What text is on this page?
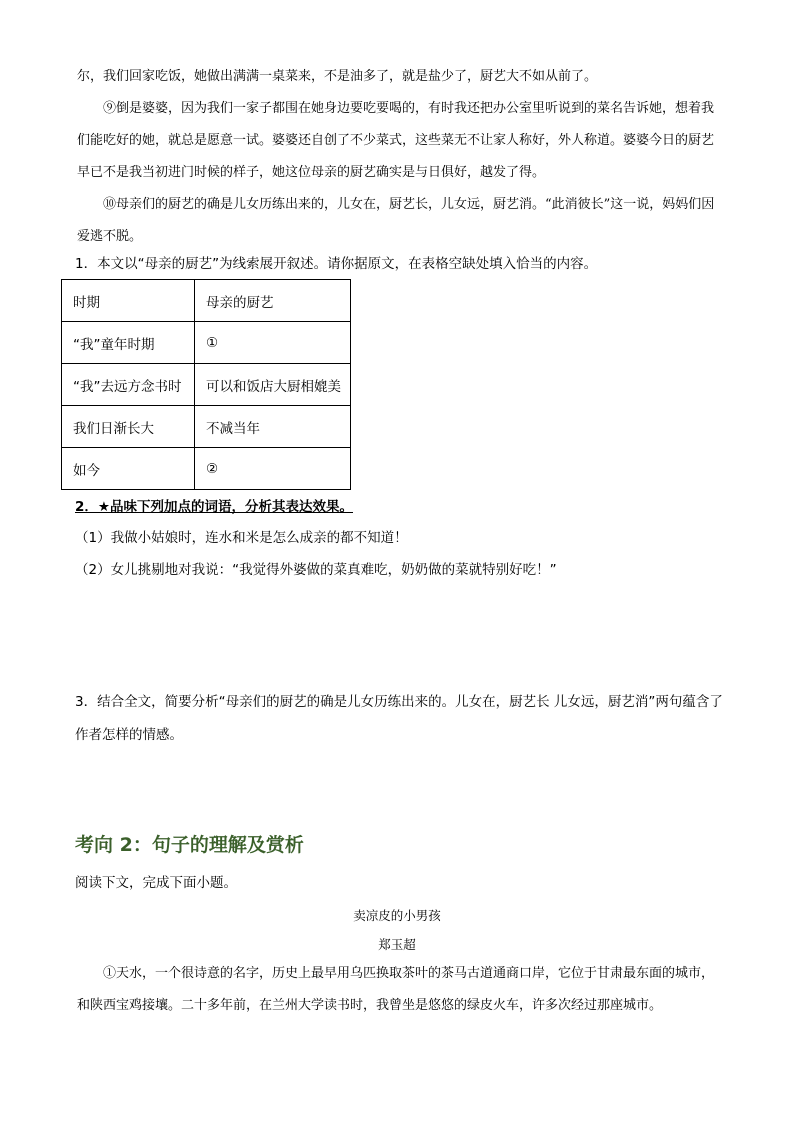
尔，我们回家吃饭，她做出满满一桌菜来，不是油多了，就是盐少了，厨艺大不如从前了。

⑨倒是婆婆，因为我们一家子都围在她身边要吃要喝的，有时我还把办公室里听说到的菜名告诉她，想着我们能吃好的她，就总是愿意一试。婆婆还自创了不少菜式，这些菜无不让家人称好，外人称道。婆婆今日的厨艺早已不是我当初进门时候的样子，她这位母亲的厨艺确实是与日俱好，越发了得。

⑩母亲们的厨艺的确是儿女历练出来的，儿女在，厨艺长，儿女远，厨艺消。“此消彼长”这一说，妈妈们因爱逃不脱。

1．本文以“母亲的厨艺”为线索展开叙述。请你据原文，在表格空缺处填入恰当的内容。

时期	母亲的厨艺
“我”童年时期	①
“我”去远方念书时	可以和饭店大厨相媲美
我们日渐长大	不减当年
如今	②

2．★品味下列加点的词语，分析其表达效果。

（1）我做小姑娘时，连水和米是怎么成亲的都不知道！

（2）女儿挑剔地对我说：“我觉得外婆做的菜真难吃，奶奶做的菜就特别好吃！”

3．结合全文，简要分析“母亲们的厨艺的确是儿女历练出来的。儿女在，厨艺长 儿女远，厨艺消”两句蕴含了作者怎样的情感。

考向 2：句子的理解及赏析

阅读下文，完成下面小题。

卖凉皮的小男孩

郑玉超

①天水，一个很诗意的名字，历史上最早用乌匹换取茶叶的茶马古道通商口岸，它位于甘肃最东面的城市，和陕西宝鸡接壤。二十多年前，在兰州大学读书时，我曾坐是悠悠的绿皮火车，许多次经过那座城市。
